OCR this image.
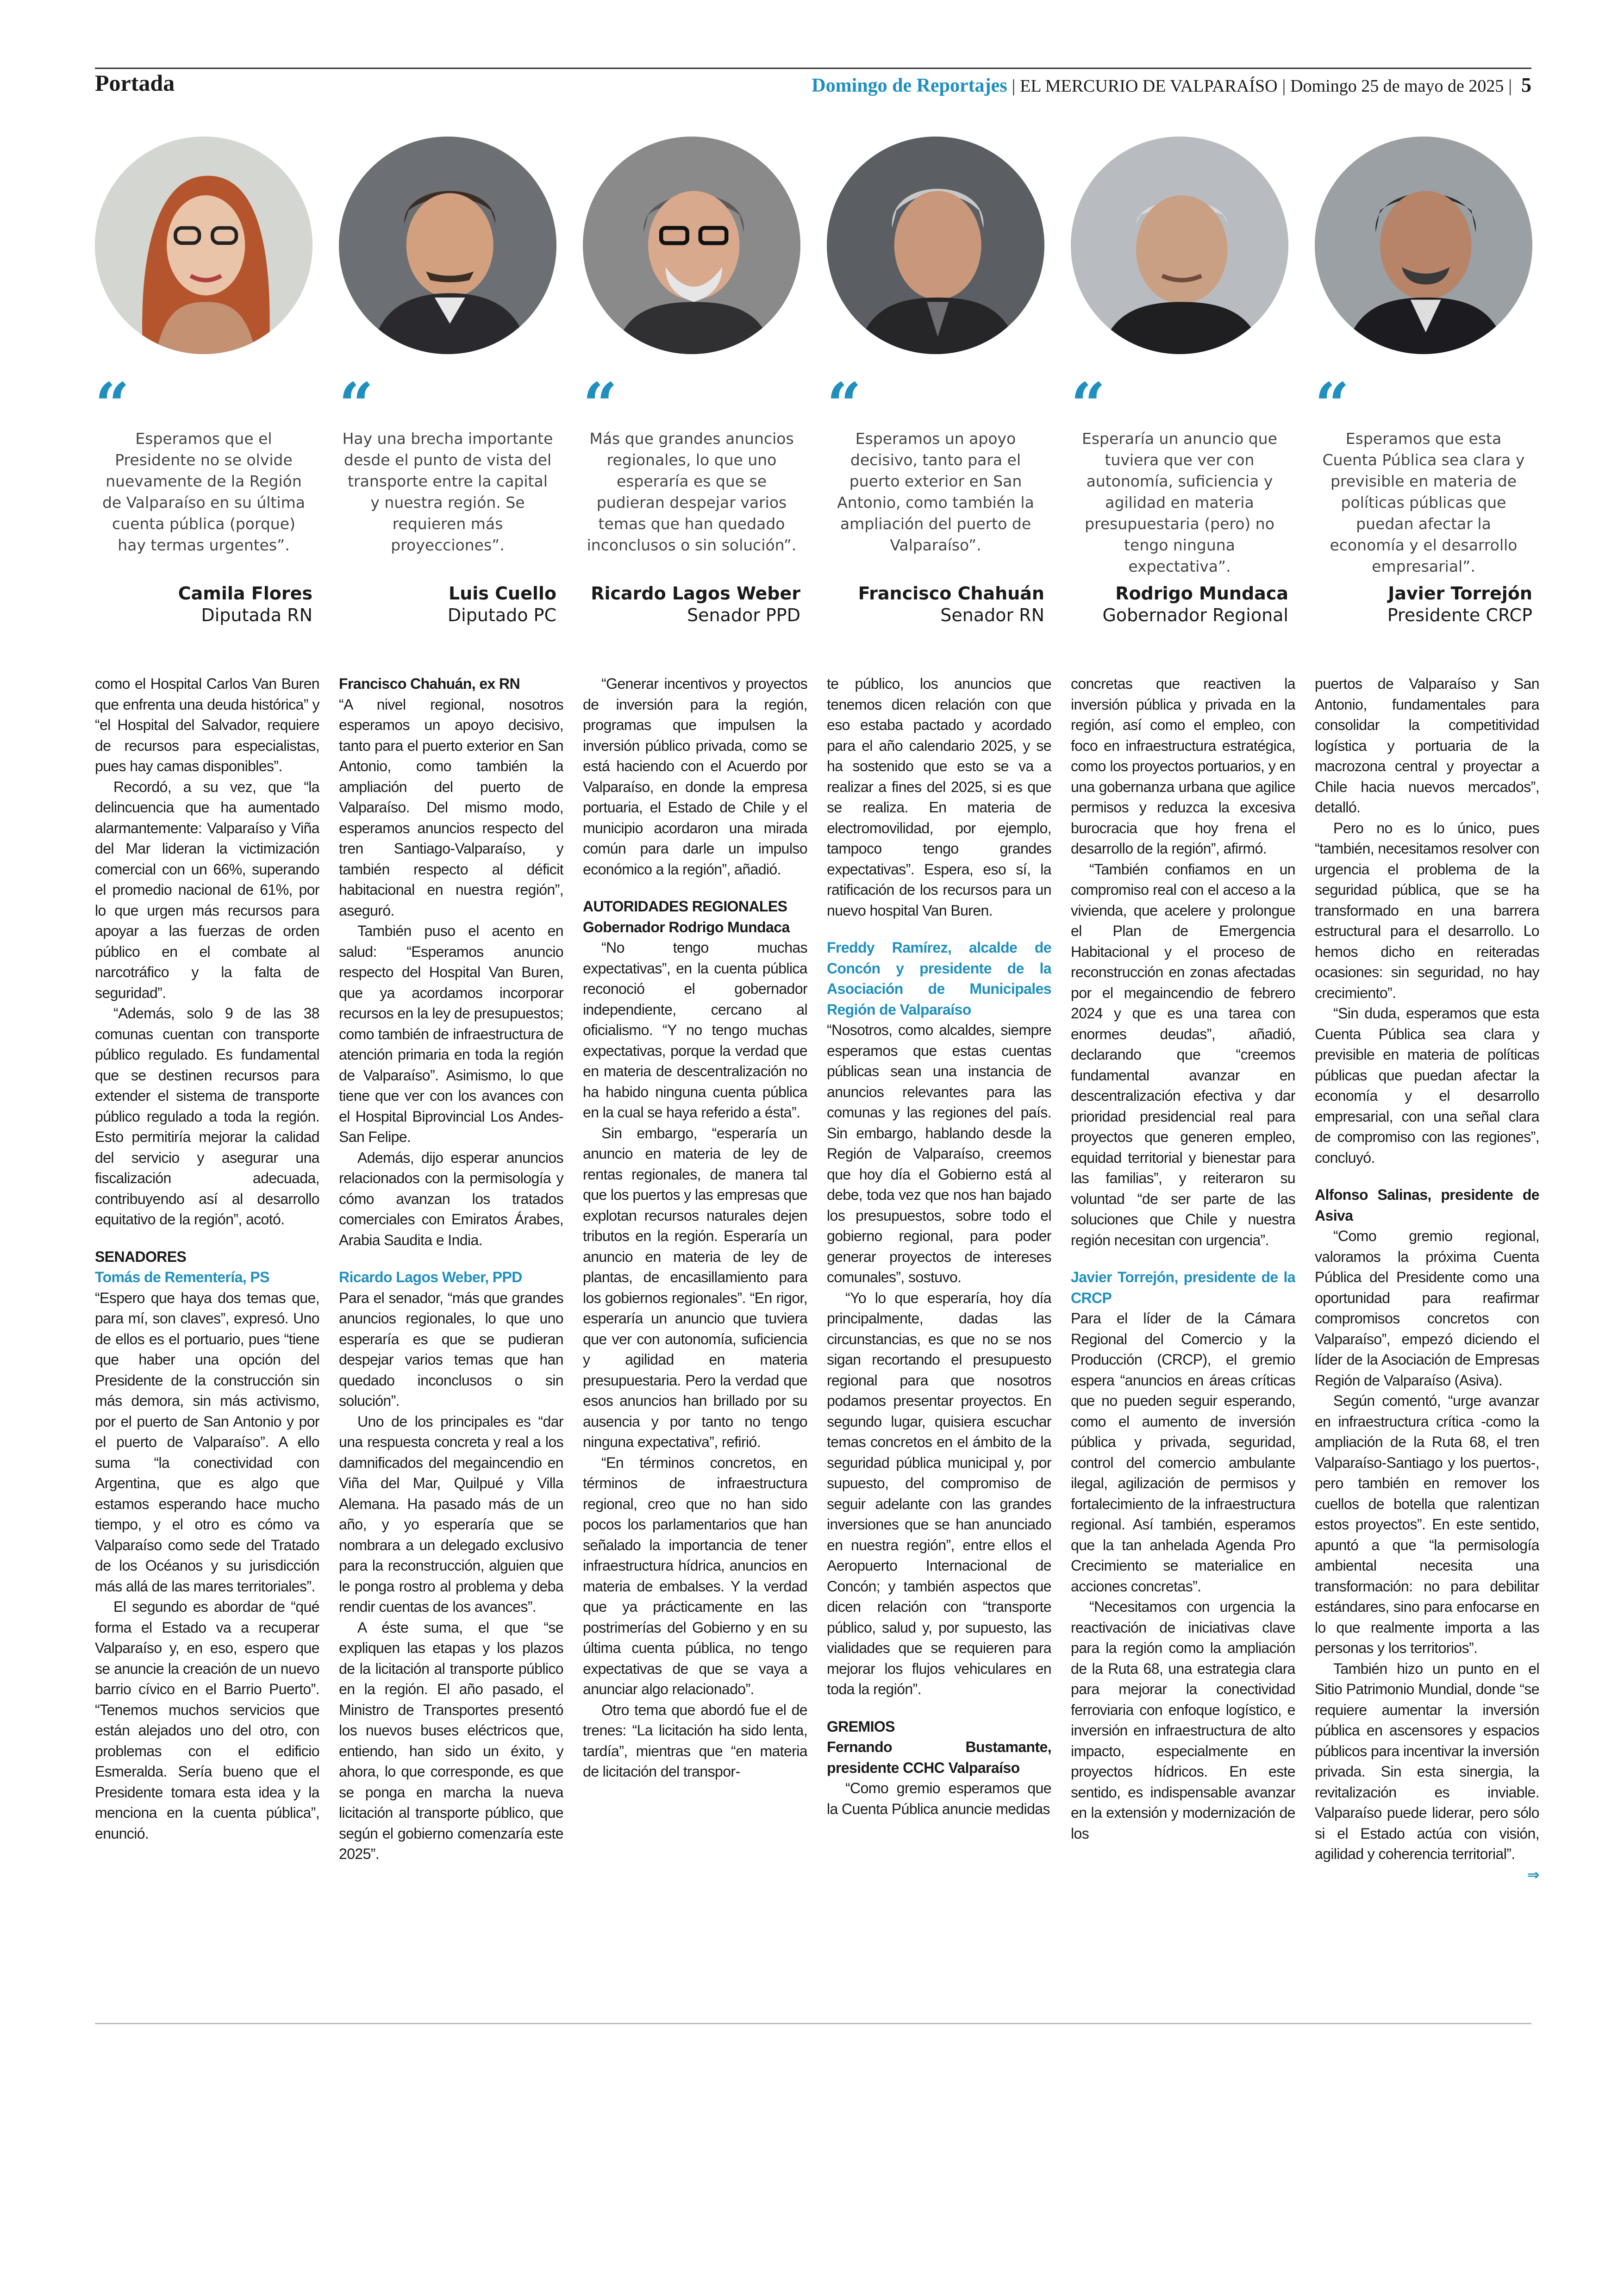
Portada	Domingo de Reportajes | EL MERCURIO DE VALPARAÍSO | Domingo 25 de mayo de 2025 | 5
“	“	“	“	“	“
Esperamos que el Presidente no se olvide nuevamente de la Región de Valparaíso en su última cuenta pública (porque) hay termas urgentes”.
Hay una brecha importante desde el punto de vista del transporte entre la capital y nuestra región. Se requieren más proyecciones”.
Más que grandes anuncios regionales, lo que uno esperaría es que se pudieran despejar varios temas que han quedado inconclusos o sin solución”.
Esperamos un apoyo decisivo, tanto para el puerto exterior en San Antonio, como también la ampliación del puerto de Valparaíso”.
Esperaría un anuncio que tuviera que ver con autonomía, suficiencia y agilidad en materia presupuestaria (pero) no tengo ninguna expectativa”.
Esperamos que esta Cuenta Pública sea clara y previsible en materia de políticas públicas que puedan afectar la economía y el desarrollo empresarial”.
Camila Flores
Diputada RN
Luis Cuello
Diputado PC
Ricardo Lagos Weber
Senador PPD
Francisco Chahuán
Senador RN
Rodrigo Mundaca
Gobernador Regional
Javier Torrejón
Presidente CRCP

como el Hospital Carlos Van Buren que enfrenta una deuda histórica” y “el Hospital del Salvador, requiere de recursos para especialistas, pues hay camas disponibles”.

Recordó, a su vez, que “la delincuencia que ha aumentado alarmantemente: Valparaíso y Viña del Mar lideran la victimización comercial con un 66%, superando el promedio nacional de 61%, por lo que urgen más recursos para apoyar a las fuerzas de orden público en el combate al narcotráfico y la falta de seguridad”.

“Además, solo 9 de las 38 comunas cuentan con transporte público regulado. Es fundamental que se destinen recursos para extender el sistema de transporte público regulado a toda la región. Esto permitiría mejorar la calidad del servicio y asegurar una fiscalización adecuada, contribuyendo así al desarrollo equitativo de la región”, acotó.

SENADORES
Tomás de Rementería, PS

“Espero que haya dos temas que, para mí, son claves”, expresó. Uno de ellos es el portuario, pues “tiene que haber una opción del Presidente de la construcción sin más demora, sin más activismo, por el puerto de San Antonio y por el puerto de Valparaíso”. A ello suma “la conectividad con Argentina, que es algo que estamos esperando hace mucho tiempo, y el otro es cómo va Valparaíso como sede del Tratado de los Océanos y su jurisdicción más allá de las mares territoriales”.

El segundo es abordar de “qué forma el Estado va a recuperar Valparaíso y, en eso, espero que se anuncie la creación de un nuevo barrio cívico en el Barrio Puerto”. “Tenemos muchos servicios que están alejados uno del otro, con problemas con el edificio Esmeralda. Sería bueno que el Presidente tomara esta idea y la menciona en la cuenta pública”, enunció.

Francisco Chahuán, ex RN

“A nivel regional, nosotros esperamos un apoyo decisivo, tanto para el puerto exterior en San Antonio, como también la ampliación del puerto de Valparaíso. Del mismo modo, esperamos anuncios respecto del tren Santiago-Valparaíso, y también respecto al déficit habitacional en nuestra región”, aseguró.

También puso el acento en salud: “Esperamos anuncio respecto del Hospital Van Buren, que ya acordamos incorporar recursos en la ley de presupuestos; como también de infraestructura de atención primaria en toda la región de Valparaíso”. Asimismo, lo que tiene que ver con los avances con el Hospital Biprovincial Los Andes-San Felipe.

Además, dijo esperar anuncios relacionados con la permisología y cómo avanzan los tratados comerciales con Emiratos Árabes, Arabia Saudita e India.

Ricardo Lagos Weber, PPD

Para el senador, “más que grandes anuncios regionales, lo que uno esperaría es que se pudieran despejar varios temas que han quedado inconclusos o sin solución”.

Uno de los principales es “dar una respuesta concreta y real a los damnificados del megaincendio en Viña del Mar, Quilpué y Villa Alemana. Ha pasado más de un año, y yo esperaría que se nombrara a un delegado exclusivo para la reconstrucción, alguien que le ponga rostro al problema y deba rendir cuentas de los avances”.

A éste suma, el que “se expliquen las etapas y los plazos de la licitación al transporte público en la región. El año pasado, el Ministro de Transportes presentó los nuevos buses eléctricos que, entiendo, han sido un éxito, y ahora, lo que corresponde, es que se ponga en marcha la nueva licitación al transporte público, que según el gobierno comenzaría este 2025”.

“Generar incentivos y proyectos de inversión para la región, programas que impulsen la inversión público privada, como se está haciendo con el Acuerdo por Valparaíso, en donde la empresa portuaria, el Estado de Chile y el municipio acordaron una mirada común para darle un impulso económico a la región”, añadió.

AUTORIDADES REGIONALES
Gobernador Rodrigo Mundaca

“No tengo muchas expectativas”, en la cuenta pública reconoció el gobernador independiente, cercano al oficialismo. “Y no tengo muchas expectativas, porque la verdad que en materia de descentralización no ha habido ninguna cuenta pública en la cual se haya referido a ésta”.

Sin embargo, “esperaría un anuncio en materia de ley de rentas regionales, de manera tal que los puertos y las empresas que explotan recursos naturales dejen tributos en la región. Esperaría un anuncio en materia de ley de plantas, de encasillamiento para los gobiernos regionales”. “En rigor, esperaría un anuncio que tuviera que ver con autonomía, suficiencia y agilidad en materia presupuestaria. Pero la verdad que esos anuncios han brillado por su ausencia y por tanto no tengo ninguna expectativa”, refirió.

“En términos concretos, en términos de infraestructura regional, creo que no han sido pocos los parlamentarios que han señalado la importancia de tener infraestructura hídrica, anuncios en materia de embalses. Y la verdad que ya prácticamente en las postrimerías del Gobierno y en su última cuenta pública, no tengo expectativas de que se vaya a anunciar algo relacionado”.

Otro tema que abordó fue el de trenes: “La licitación ha sido lenta, tardía”, mientras que “en materia de licitación del transpor-

te público, los anuncios que tenemos dicen relación con que eso estaba pactado y acordado para el año calendario 2025, y se ha sostenido que esto se va a realizar a fines del 2025, si es que se realiza. En materia de electromovilidad, por ejemplo, tampoco tengo grandes expectativas”. Espera, eso sí, la ratificación de los recursos para un nuevo hospital Van Buren.

Freddy Ramírez, alcalde de Concón y presidente de la Asociación de Municipales Región de Valparaíso

“Nosotros, como alcaldes, siempre esperamos que estas cuentas públicas sean una instancia de anuncios relevantes para las comunas y las regiones del país. Sin embargo, hablando desde la Región de Valparaíso, creemos que hoy día el Gobierno está al debe, toda vez que nos han bajado los presupuestos, sobre todo el gobierno regional, para poder generar proyectos de intereses comunales”, sostuvo.

“Yo lo que esperaría, hoy día principalmente, dadas las circunstancias, es que no se nos sigan recortando el presupuesto regional para que nosotros podamos presentar proyectos. En segundo lugar, quisiera escuchar temas concretos en el ámbito de la seguridad pública municipal y, por supuesto, del compromiso de seguir adelante con las grandes inversiones que se han anunciado en nuestra región”, entre ellos el Aeropuerto Internacional de Concón; y también aspectos que dicen relación con “transporte público, salud y, por supuesto, las vialidades que se requieren para mejorar los flujos vehiculares en toda la región”.

GREMIOS
Fernando Bustamante, presidente CCHC Valparaíso

“Como gremio esperamos que la Cuenta Pública anuncie medidas

concretas que reactiven la inversión pública y privada en la región, así como el empleo, con foco en infraestructura estratégica, como los proyectos portuarios, y en una gobernanza urbana que agilice permisos y reduzca la excesiva burocracia que hoy frena el desarrollo de la región”, afirmó.

“También confiamos en un compromiso real con el acceso a la vivienda, que acelere y prolongue el Plan de Emergencia Habitacional y el proceso de reconstrucción en zonas afectadas por el megaincendio de febrero 2024 y que es una tarea con enormes deudas”, añadió, declarando que “creemos fundamental avanzar en descentralización efectiva y dar prioridad presidencial real para proyectos que generen empleo, equidad territorial y bienestar para las familias”, y reiteraron su voluntad “de ser parte de las soluciones que Chile y nuestra región necesitan con urgencia”.

Javier Torrejón, presidente de la CRCP

Para el líder de la Cámara Regional del Comercio y la Producción (CRCP), el gremio espera “anuncios en áreas críticas que no pueden seguir esperando, como el aumento de inversión pública y privada, seguridad, control del comercio ambulante ilegal, agilización de permisos y fortalecimiento de la infraestructura regional. Así también, esperamos que la tan anhelada Agenda Pro Crecimiento se materialice en acciones concretas”.

“Necesitamos con urgencia la reactivación de iniciativas clave para la región como la ampliación de la Ruta 68, una estrategia clara para mejorar la conectividad ferroviaria con enfoque logístico, e inversión en infraestructura de alto impacto, especialmente en proyectos hídricos. En este sentido, es indispensable avanzar en la extensión y modernización de los

puertos de Valparaíso y San Antonio, fundamentales para consolidar la competitividad logística y portuaria de la macrozona central y proyectar a Chile hacia nuevos mercados”, detalló.

Pero no es lo único, pues “también, necesitamos resolver con urgencia el problema de la seguridad pública, que se ha transformado en una barrera estructural para el desarrollo. Lo hemos dicho en reiteradas ocasiones: sin seguridad, no hay crecimiento”.

“Sin duda, esperamos que esta Cuenta Pública sea clara y previsible en materia de políticas públicas que puedan afectar la economía y el desarrollo empresarial, con una señal clara de compromiso con las regiones”, concluyó.

Alfonso Salinas, presidente de Asiva

“Como gremio regional, valoramos la próxima Cuenta Pública del Presidente como una oportunidad para reafirmar compromisos concretos con Valparaíso”, empezó diciendo el líder de la Asociación de Empresas Región de Valparaíso (Asiva).

Según comentó, “urge avanzar en infraestructura crítica -como la ampliación de la Ruta 68, el tren Valparaíso-Santiago y los puertos-, pero también en remover los cuellos de botella que ralentizan estos proyectos”. En este sentido, apuntó a que “la permisología ambiental necesita una transformación: no para debilitar estándares, sino para enfocarse en lo que realmente importa a las personas y los territorios”.

También hizo un punto en el Sitio Patrimonio Mundial, donde “se requiere aumentar la inversión pública en ascensores y espacios públicos para incentivar la inversión privada. Sin esta sinergia, la revitalización es inviable. Valparaíso puede liderar, pero sólo si el Estado actúa con visión, agilidad y coherencia territorial”.

⇒
